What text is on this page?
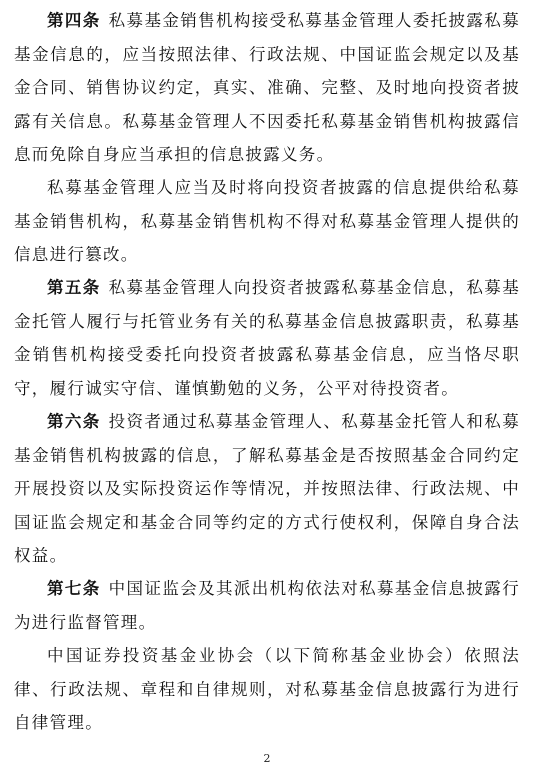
第四条 私募基金销售机构接受私募基金管理人委托披露私募基金信息的，应当按照法律、行政法规、中国证监会规定以及基金合同、销售协议约定，真实、准确、完整、及时地向投资者披露有关信息。私募基金管理人不因委托私募基金销售机构披露信息而免除自身应当承担的信息披露义务。

私募基金管理人应当及时将向投资者披露的信息提供给私募基金销售机构，私募基金销售机构不得对私募基金管理人提供的信息进行篡改。

第五条 私募基金管理人向投资者披露私募基金信息，私募基金托管人履行与托管业务有关的私募基金信息披露职责，私募基金销售机构接受委托向投资者披露私募基金信息，应当恪尽职守，履行诚实守信、谨慎勤勉的义务，公平对待投资者。

第六条 投资者通过私募基金管理人、私募基金托管人和私募基金销售机构披露的信息，了解私募基金是否按照基金合同约定开展投资以及实际投资运作等情况，并按照法律、行政法规、中国证监会规定和基金合同等约定的方式行使权利，保障自身合法权益。

第七条 中国证监会及其派出机构依法对私募基金信息披露行为进行监督管理。

中国证券投资基金业协会（以下简称基金业协会）依照法律、行政法规、章程和自律规则，对私募基金信息披露行为进行自律管理。

2
